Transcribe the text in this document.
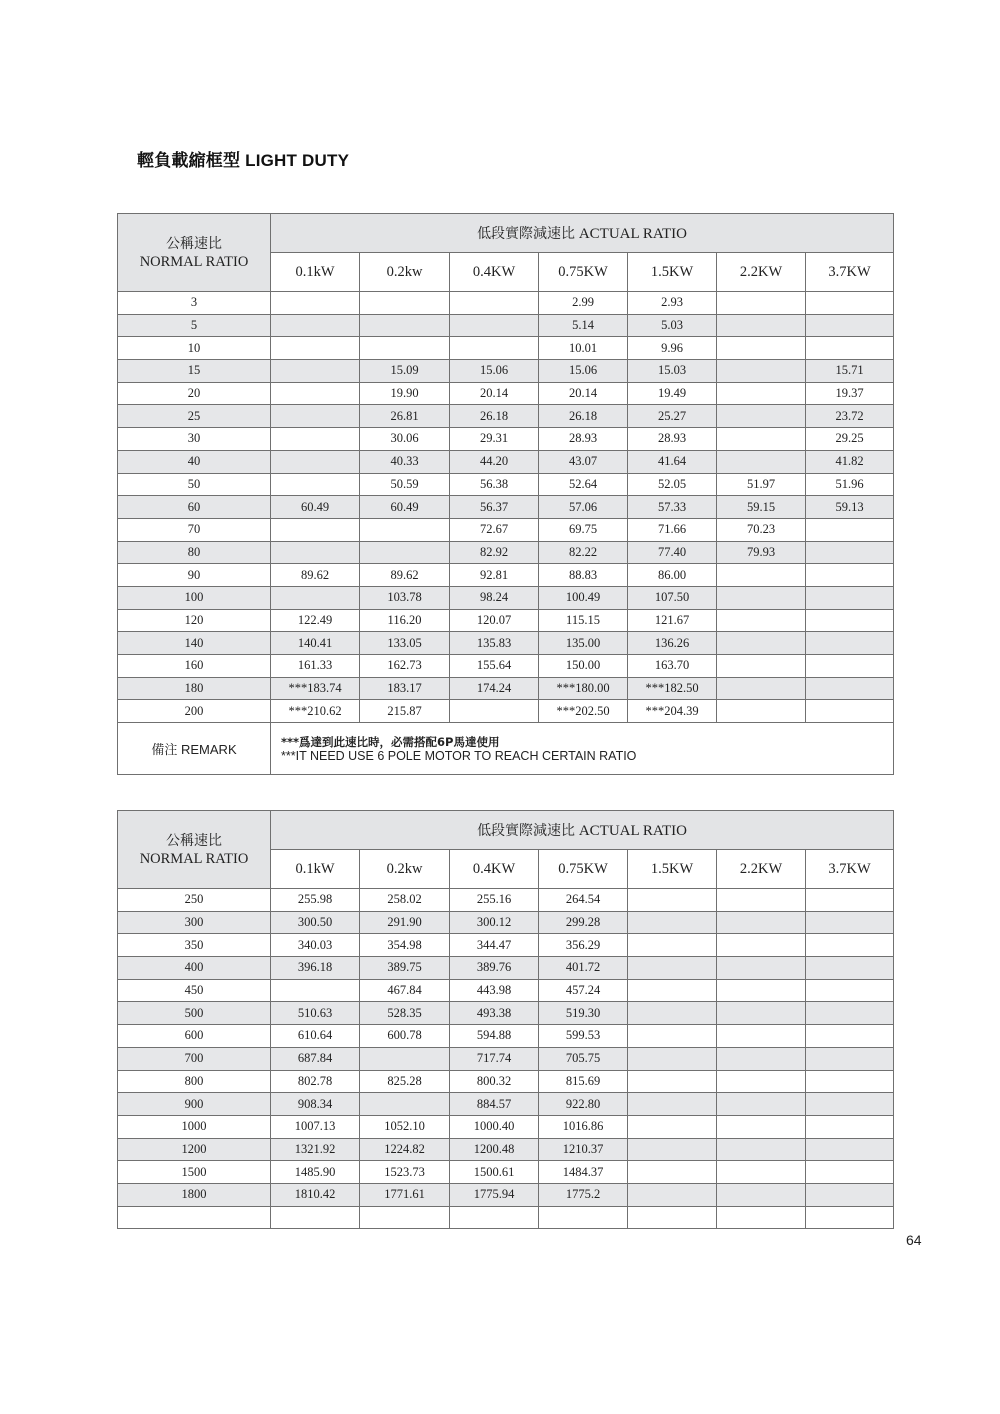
輕負載縮框型 LIGHT DUTY
公稱速比
NORMAL RATIO	低段實際減速比 ACTUAL RATIO						
	0.1kW	0.2kw	0.4KW	0.75KW	1.5KW	2.2KW	3.7KW
3				2.99	2.93		
5				5.14	5.03		
10				10.01	9.96		
15		15.09	15.06	15.06	15.03		15.71
20		19.90	20.14	20.14	19.49		19.37
25		26.81	26.18	26.18	25.27		23.72
30		30.06	29.31	28.93	28.93		29.25
40		40.33	44.20	43.07	41.64		41.82
50		50.59	56.38	52.64	52.05	51.97	51.96
60	60.49	60.49	56.37	57.06	57.33	59.15	59.13
70			72.67	69.75	71.66	70.23	
80			82.92	82.22	77.40	79.93	
90	89.62	89.62	92.81	88.83	86.00		
100		103.78	98.24	100.49	107.50		
120	122.49	116.20	120.07	115.15	121.67		
140	140.41	133.05	135.83	135.00	136.26		
160	161.33	162.73	155.64	150.00	163.70		
180	***183.74	183.17	174.24	***180.00	***182.50		
200	***210.62	215.87		***202.50	***204.39		
備注 REMARK	***爲達到此速比時，必需搭配6P馬達使用
***IT NEED USE 6 POLE MOTOR TO REACH CERTAIN RATIO						
公稱速比
NORMAL RATIO	低段實際減速比 ACTUAL RATIO						
	0.1kW	0.2kw	0.4KW	0.75KW	1.5KW	2.2KW	3.7KW
250	255.98	258.02	255.16	264.54			
300	300.50	291.90	300.12	299.28			
350	340.03	354.98	344.47	356.29			
400	396.18	389.75	389.76	401.72			
450		467.84	443.98	457.24			
500	510.63	528.35	493.38	519.30			
600	610.64	600.78	594.88	599.53			
700	687.84		717.74	705.75			
800	802.78	825.28	800.32	815.69			
900	908.34		884.57	922.80			
1000	1007.13	1052.10	1000.40	1016.86			
1200	1321.92	1224.82	1200.48	1210.37			
1500	1485.90	1523.73	1500.61	1484.37			
1800	1810.42	1771.61	1775.94	1775.2			

64
